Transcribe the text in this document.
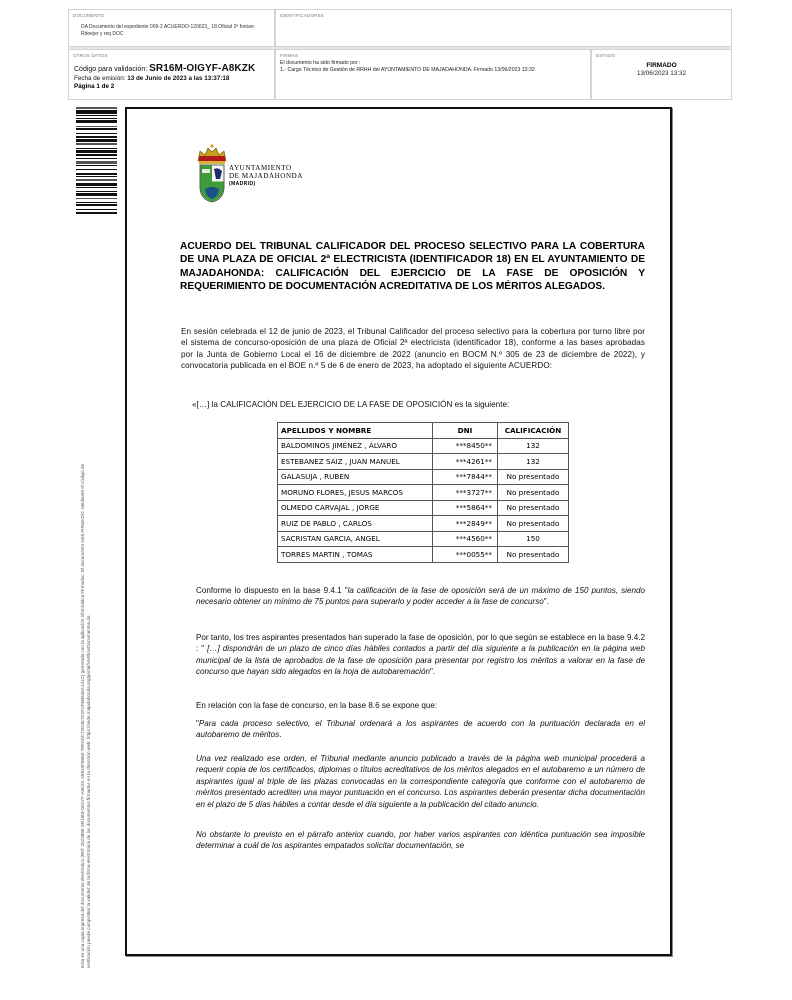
DOCUMENTO
DA Documento del expediente 009-2 ACUERDO-120623_ 18.Oficial 2ª fontan-Rdoejer y req DOC
IDENTIFICADORES
OTROS DATOS
Código para validación: SR16M-OIGYF-A8KZK
Fecha de emisión: 13 de Junio de 2023 a las 13:37:18
Página 1 de 2
FIRMAS
El documento ha sido firmado por :
1.- Cargo Técnico de Gestión de RRHH del AYUNTAMIENTO DE MAJADAHONDA. Firmado 13/06/2023 13:32
ESTADO
FIRMADO
13/06/2023 13:32
Esta es una copia impresa del documento electrónico (Ref: 2623889 SR16M-OIGYF-A8KZK A8910F8060 7RFA0C72D4E7D2F2F6B545A141C) generada con la aplicación informática Firmadoc. El documento está FIRMADO. Mediante el código de verificación puede comprobar la validez de la firma electrónica de los documentos firmados en la dirección web: https://sede.majadahonda.org/portal/VerificarDocumentos.do
AYUNTAMIENTO
DE MAJADAHONDA
(MADRID)
ACUERDO DEL TRIBUNAL CALIFICADOR DEL PROCESO SELECTIVO PARA LA COBERTURA DE UNA PLAZA DE OFICIAL 2ª ELECTRICISTA (IDENTIFICADOR 18) EN EL AYUNTAMIENTO DE MAJADAHONDA: CALIFICACIÓN DEL EJERCICIO DE LA FASE DE OPOSICIÓN Y REQUERIMIENTO DE DOCUMENTACIÓN ACREDITATIVA DE LOS MÉRITOS ALEGADOS.
En sesión celebrada el 12 de junio de 2023, el Tribunal Calificador del proceso selectivo para la cobertura por turno libre por el sistema de concurso-oposición de una plaza de Oficial 2ª electricista (identificador 18), conforme a las bases aprobadas por la Junta de Gobierno Local el 16 de diciembre de 2022 (anuncio en BOCM N.º 305 de 23 de diciembre de 2022), y convocatoria publicada en el BOE n.º 5 de 6 de enero de 2023, ha adoptado el siguiente ACUERDO:
«[…] la CALIFICACIÓN DEL EJERCICIO DE LA FASE DE OPOSICIÓN es la siguiente:
APELLIDOS Y NOMBRE	DNI	CALIFICACIÓN
BALDOMINOS JIMÉNEZ , ÁLVARO	***8450**	132
ESTEBANEZ SAIZ , JUAN MANUEL	***4261**	132
GALASUJA , RUBEN	***7844**	No presentado
MORUNO FLORES, JESUS MARCOS	***3727**	No presentado
OLMEDO CARVAJAL , JORGE	***5864**	No presentado
RUIZ DE PABLO , CARLOS	***2849**	No presentado
SACRISTAN GARCIA, ANGEL	***4560**	150
TORRES MARTIN , TOMAS	***0055**	No presentado
Conforme lo dispuesto en la base 9.4.1 "la calificación de la fase de oposición será de un máximo de 150 puntos, siendo necesario obtener un mínimo de 75 puntos para superarlo y poder acceder a la fase de concurso".
Por tanto, los tres aspirantes presentados han superado la fase de oposición, por lo que según se establece en la base 9.4.2 : " […] dispondrán de un plazo de cinco días hábiles contados a partir del día siguiente a la publicación en la página web municipal de la lista de aprobados de la fase de oposición para presentar por registro los méritos a valorar en la fase de concurso que hayan sido alegados en la hoja de autobaremación".
En relación con la fase de concurso, en la base 8.6 se expone que:
"Para cada proceso selectivo, el Tribunal ordenará a los aspirantes de acuerdo con la puntuación declarada en el autobaremo de méritos.
Una vez realizado ese orden, el Tribunal mediante anuncio publicado a través de la página web municipal procederá a requerir copia de los certificados, diplomas o títulos acreditativos de los méritos alegados en el autobaremo a un número de aspirantes igual al triple de las plazas convocadas en la correspondiente categoría que conforme con el autobaremo de méritos presentado acrediten una mayor puntuación en el concurso. Los aspirantes deberán presentar dicha documentación en el plazo de 5 días hábiles a contar desde el día siguiente a la publicación del citado anuncio.
No obstante lo previsto en el párrafo anterior cuando, por haber varios aspirantes con idéntica puntuación sea imposible determinar a cuál de los aspirantes empatados solicitar documentación, se
